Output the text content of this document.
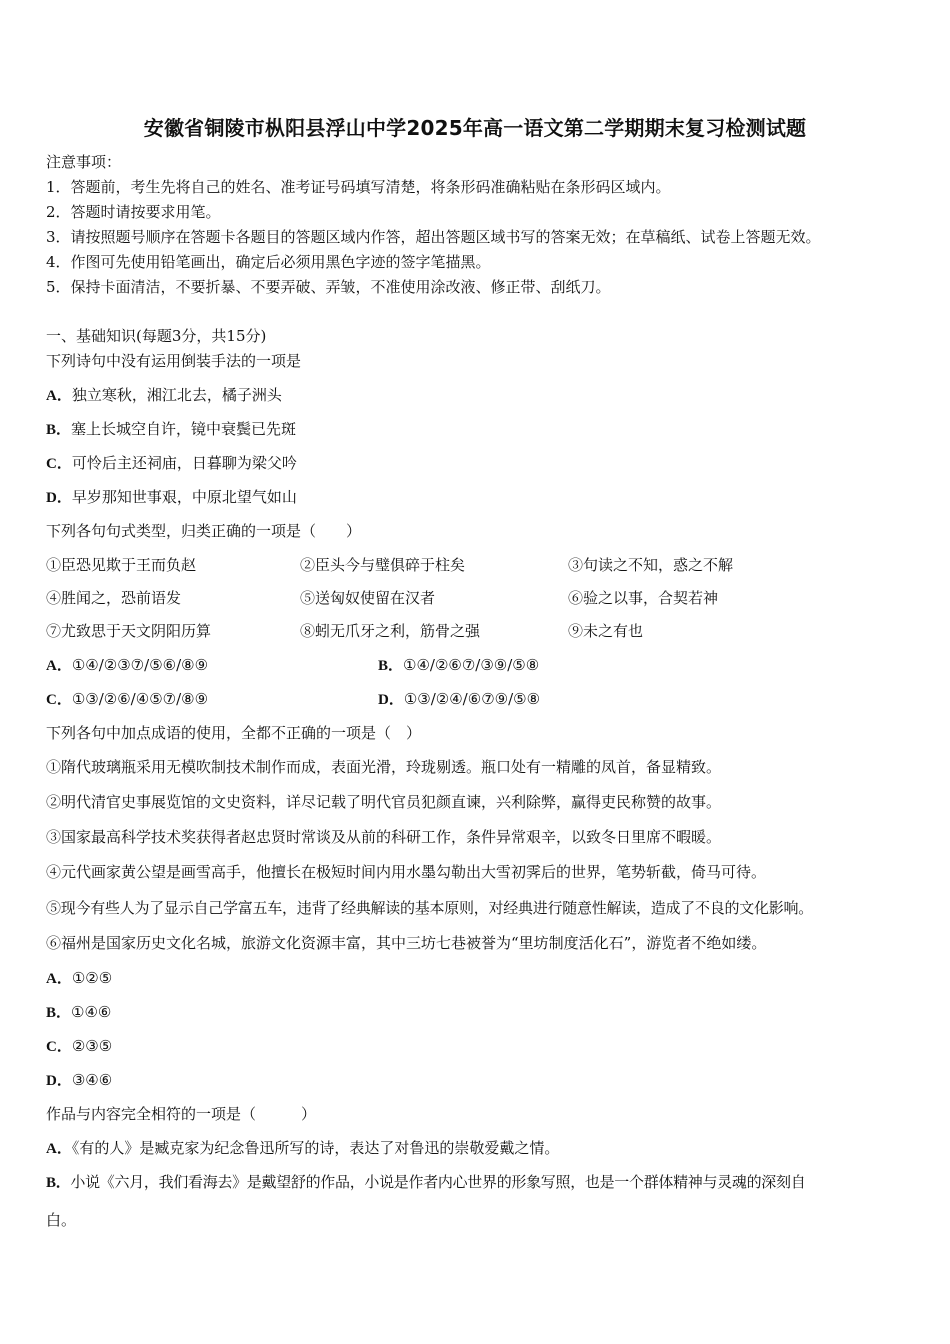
安徽省铜陵市枞阳县浮山中学2025年高一语文第二学期期末复习检测试题
注意事项：
1．答题前，考生先将自己的姓名、准考证号码填写清楚，将条形码准确粘贴在条形码区域内。
2．答题时请按要求用笔。
3．请按照题号顺序在答题卡各题目的答题区域内作答，超出答题区域书写的答案无效；在草稿纸、试卷上答题无效。
4．作图可先使用铅笔画出，确定后必须用黑色字迹的签字笔描黑。
5．保持卡面清洁，不要折暴、不要弄破、弄皱，不准使用涂改液、修正带、刮纸刀。
一、基础知识(每题3分，共15分)
下列诗句中没有运用倒装手法的一项是
A．独立寒秋，湘江北去，橘子洲头
B．塞上长城空自许，镜中衰鬓已先斑
C．可怜后主还祠庙，日暮聊为梁父吟
D．早岁那知世事艰，中原北望气如山
下列各句句式类型，归类正确的一项是（　　）
①臣恐见欺于王而负赵	②臣头今与璧俱碎于柱矣	③句读之不知，惑之不解
④胜闻之，恐前语发	⑤送匈奴使留在汉者	⑥验之以事，合契若神
⑦尤致思于天文阴阳历算	⑧蚓无爪牙之利，筋骨之强	⑨未之有也
A．①④/②③⑦/⑤⑥/⑧⑨	B．①④/②⑥⑦/③⑨/⑤⑧
C．①③/②⑥/④⑤⑦/⑧⑨	D．①③/②④/⑥⑦⑨/⑤⑧
下列各句中加点成语的使用，全都不正确的一项是（　）
①隋代玻璃瓶采用无模吹制技术制作而成，表面光滑，玲珑剔透。瓶口处有一精雕的凤首，备显精致。
②明代清官史事展览馆的文史资料，详尽记载了明代官员犯颜直谏，兴利除弊，赢得吏民称赞的故事。
③国家最高科学技术奖获得者赵忠贤时常谈及从前的科研工作，条件异常艰辛，以致冬日里席不暇暖。
④元代画家黄公望是画雪高手，他擅长在极短时间内用水墨勾勒出大雪初霁后的世界，笔势斩截，倚马可待。
⑤现今有些人为了显示自己学富五车，违背了经典解读的基本原则，对经典进行随意性解读，造成了不良的文化影响。
⑥福州是国家历史文化名城，旅游文化资源丰富，其中三坊七巷被誉为“里坊制度活化石”，游览者不绝如缕。
A．①②⑤
B．①④⑥
C．②③⑤
D．③④⑥
作品与内容完全相符的一项是（　　　）
A．《有的人》是臧克家为纪念鲁迅所写的诗，表达了对鲁迅的崇敬爱戴之情。
B．小说《六月，我们看海去》是戴望舒的作品，小说是作者内心世界的形象写照，也是一个群体精神与灵魂的深刻自
白。
